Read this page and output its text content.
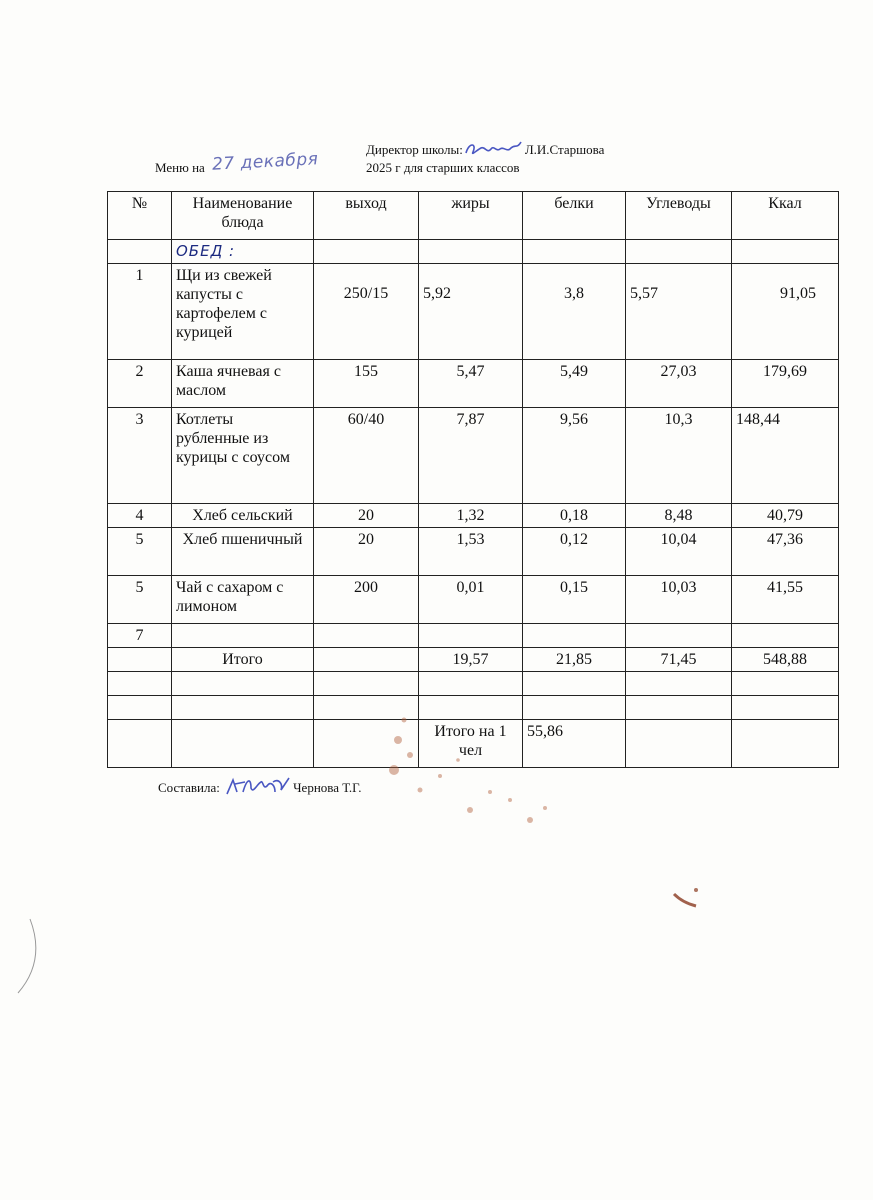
Директор школы:	Л.И.Старшова
Меню на 27 декабря	2025 г для старших классов
№	Наименование блюда	выход	жиры	белки	Углеводы	Ккал
	ОБЕД :					
1	Щи из свежей капусты с картофелем с курицей	250/15	5,92	3,8	5,57	91,05
2	Каша ячневая с маслом	155	5,47	5,49	27,03	179,69
3	Котлеты рубленные из курицы с соусом	60/40	7,87	9,56	10,3	148,44
4	Хлеб сельский	20	1,32	0,18	8,48	40,79
5	Хлеб пшеничный	20	1,53	0,12	10,04	47,36
5	Чай с сахаром с лимоном	200	0,01	0,15	10,03	41,55
7						
	Итого		19,57	21,85	71,45	548,88

			Итого на 1 чел	55,86		
Составила:	Чернова Т.Г.
